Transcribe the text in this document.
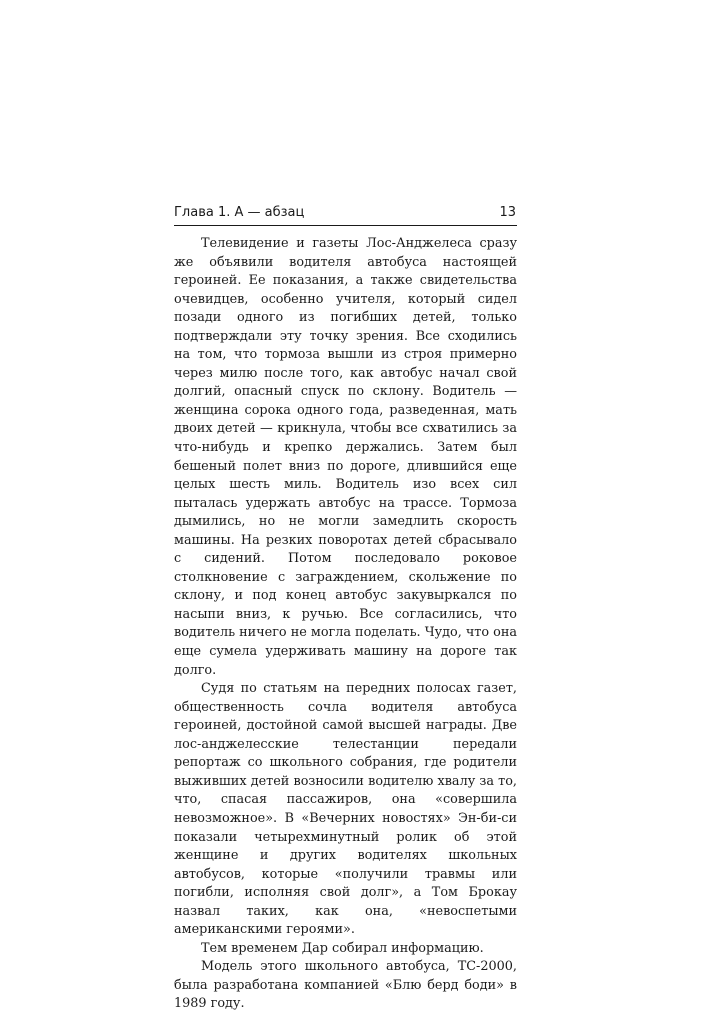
Глава 1. А — абзац	13

Телевидение и газеты Лос-Анджелеса сразу же объявили водителя автобуса настоящей героиней. Ее показания, а также свидетельства очевидцев, особенно учителя, который сидел позади одного из погибших детей, только подтверждали эту точку зрения. Все сходились на том, что тормоза вышли из строя примерно через милю после того, как автобус начал свой долгий, опасный спуск по склону. Водитель — женщина сорока одного года, разведенная, мать двоих детей — крикнула, чтобы все схватились за что-нибудь и крепко держались. Затем был бешеный полет вниз по дороге, длившийся еще целых шесть миль. Водитель изо всех сил пыталась удержать автобус на трассе. Тормоза дымились, но не могли замедлить скорость машины. На резких поворотах детей сбрасывало с сидений. Потом последовало роковое столкновение с заграждением, скольжение по склону, и под конец автобус закувыркался по насыпи вниз, к ручью. Все согласились, что водитель ничего не могла поделать. Чудо, что она еще сумела удерживать машину на дороге так долго.

Судя по статьям на передних полосах газет, общественность сочла водителя автобуса героиней, достойной самой высшей награды. Две лос-анджелесские телестанции передали репортаж со школьного собрания, где родители выживших детей возносили водителю хвалу за то, что, спасая пассажиров, она «совершила невозможное». В «Вечерних новостях» Эн-би-си показали четырехминутный ролик об этой женщине и других водителях школьных автобусов, которые «получили травмы или погибли, исполняя свой долг», а Том Брокау назвал таких, как она, «невоспетыми американскими героями».

Тем временем Дар собирал информацию.

Модель этого школьного автобуса, ТС-2000, была разработана компанией «Блю берд боди» в 1989 году.
